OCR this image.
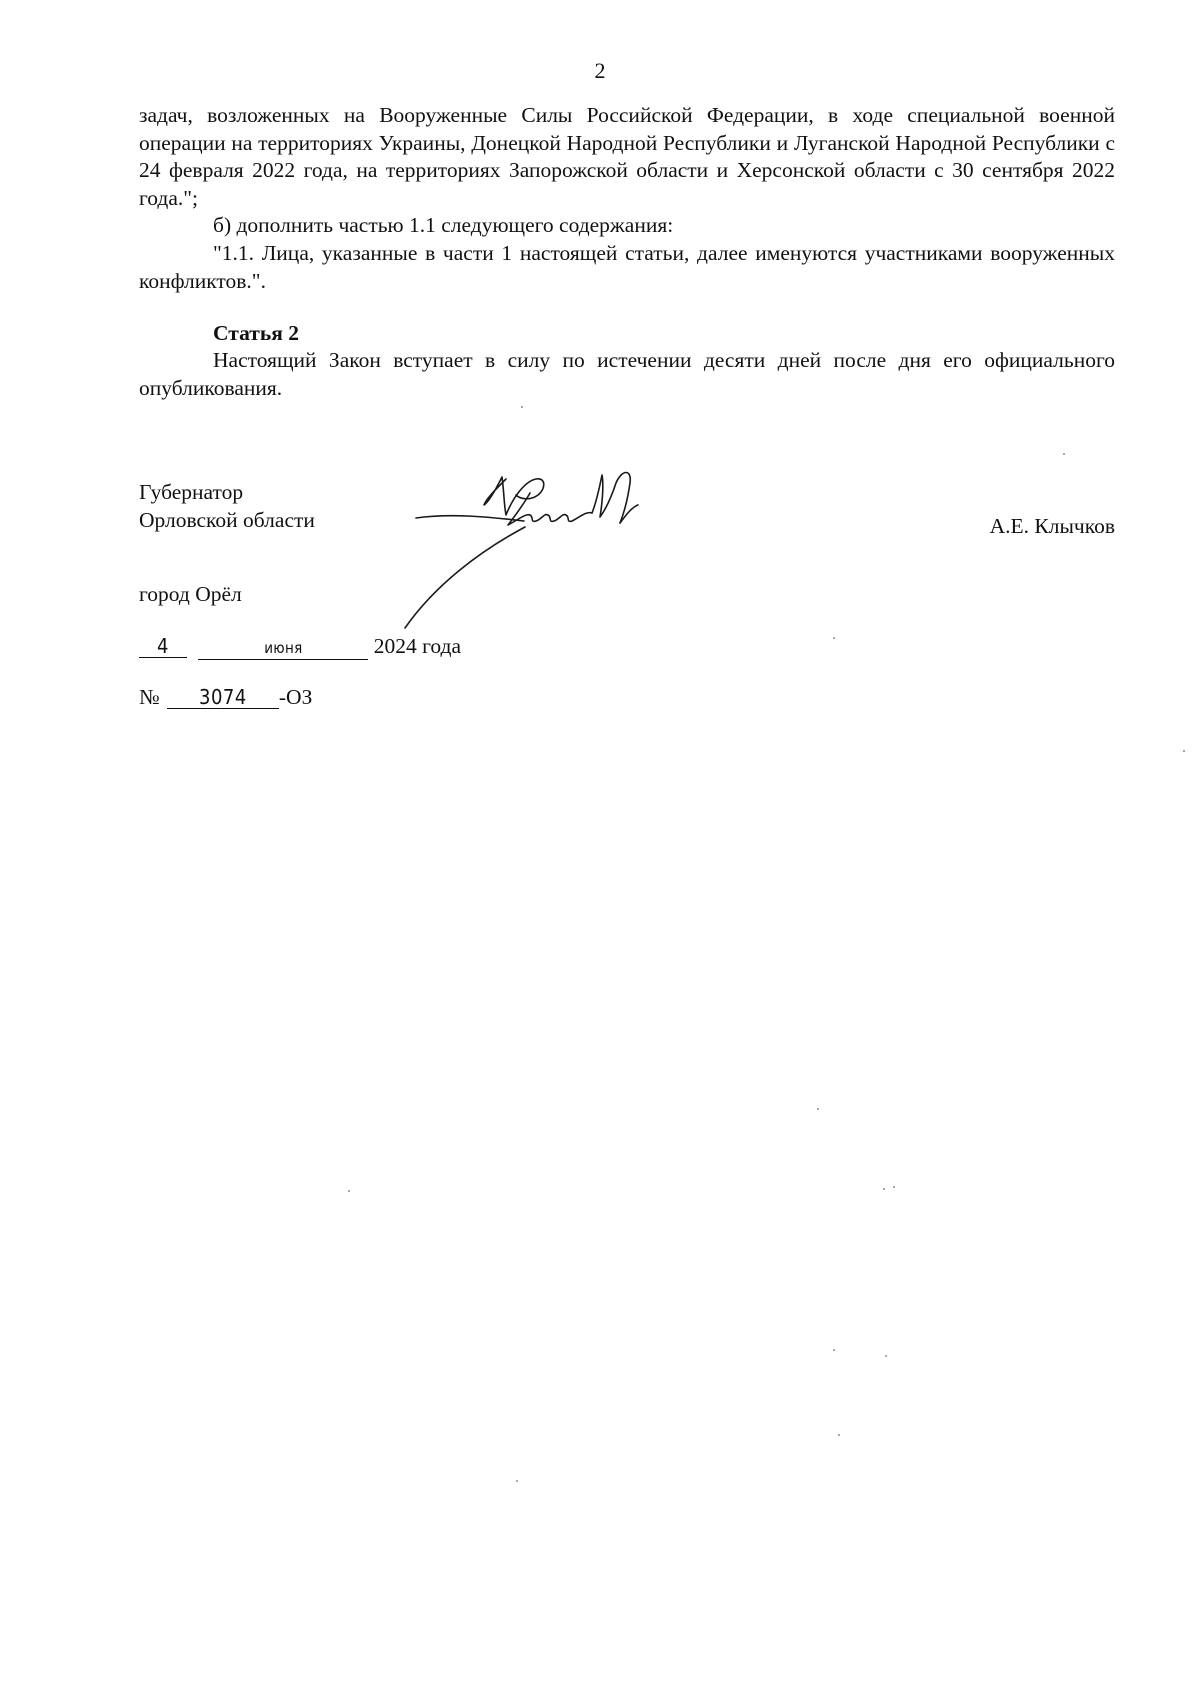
2

задач, возложенных на Вооруженные Силы Российской Федерации, в ходе специальной военной операции на территориях Украины, Донецкой Народной Республики и Луганской Народной Республики с 24 февраля 2022 года, на территориях Запорожской области и Херсонской области с 30 сентября 2022 года.";

б) дополнить частью 1.1 следующего содержания:

"1.1. Лица, указанные в части 1 настоящей статьи, далее именуются участниками вооруженных конфликтов.".

Статья 2

Настоящий Закон вступает в силу по истечении десяти дней после дня его официального опубликования.

Губернатор
Орловской области	А.Е. Клычков
город Орёл
4	июня	2024 года
№ 3074 -ОЗ
